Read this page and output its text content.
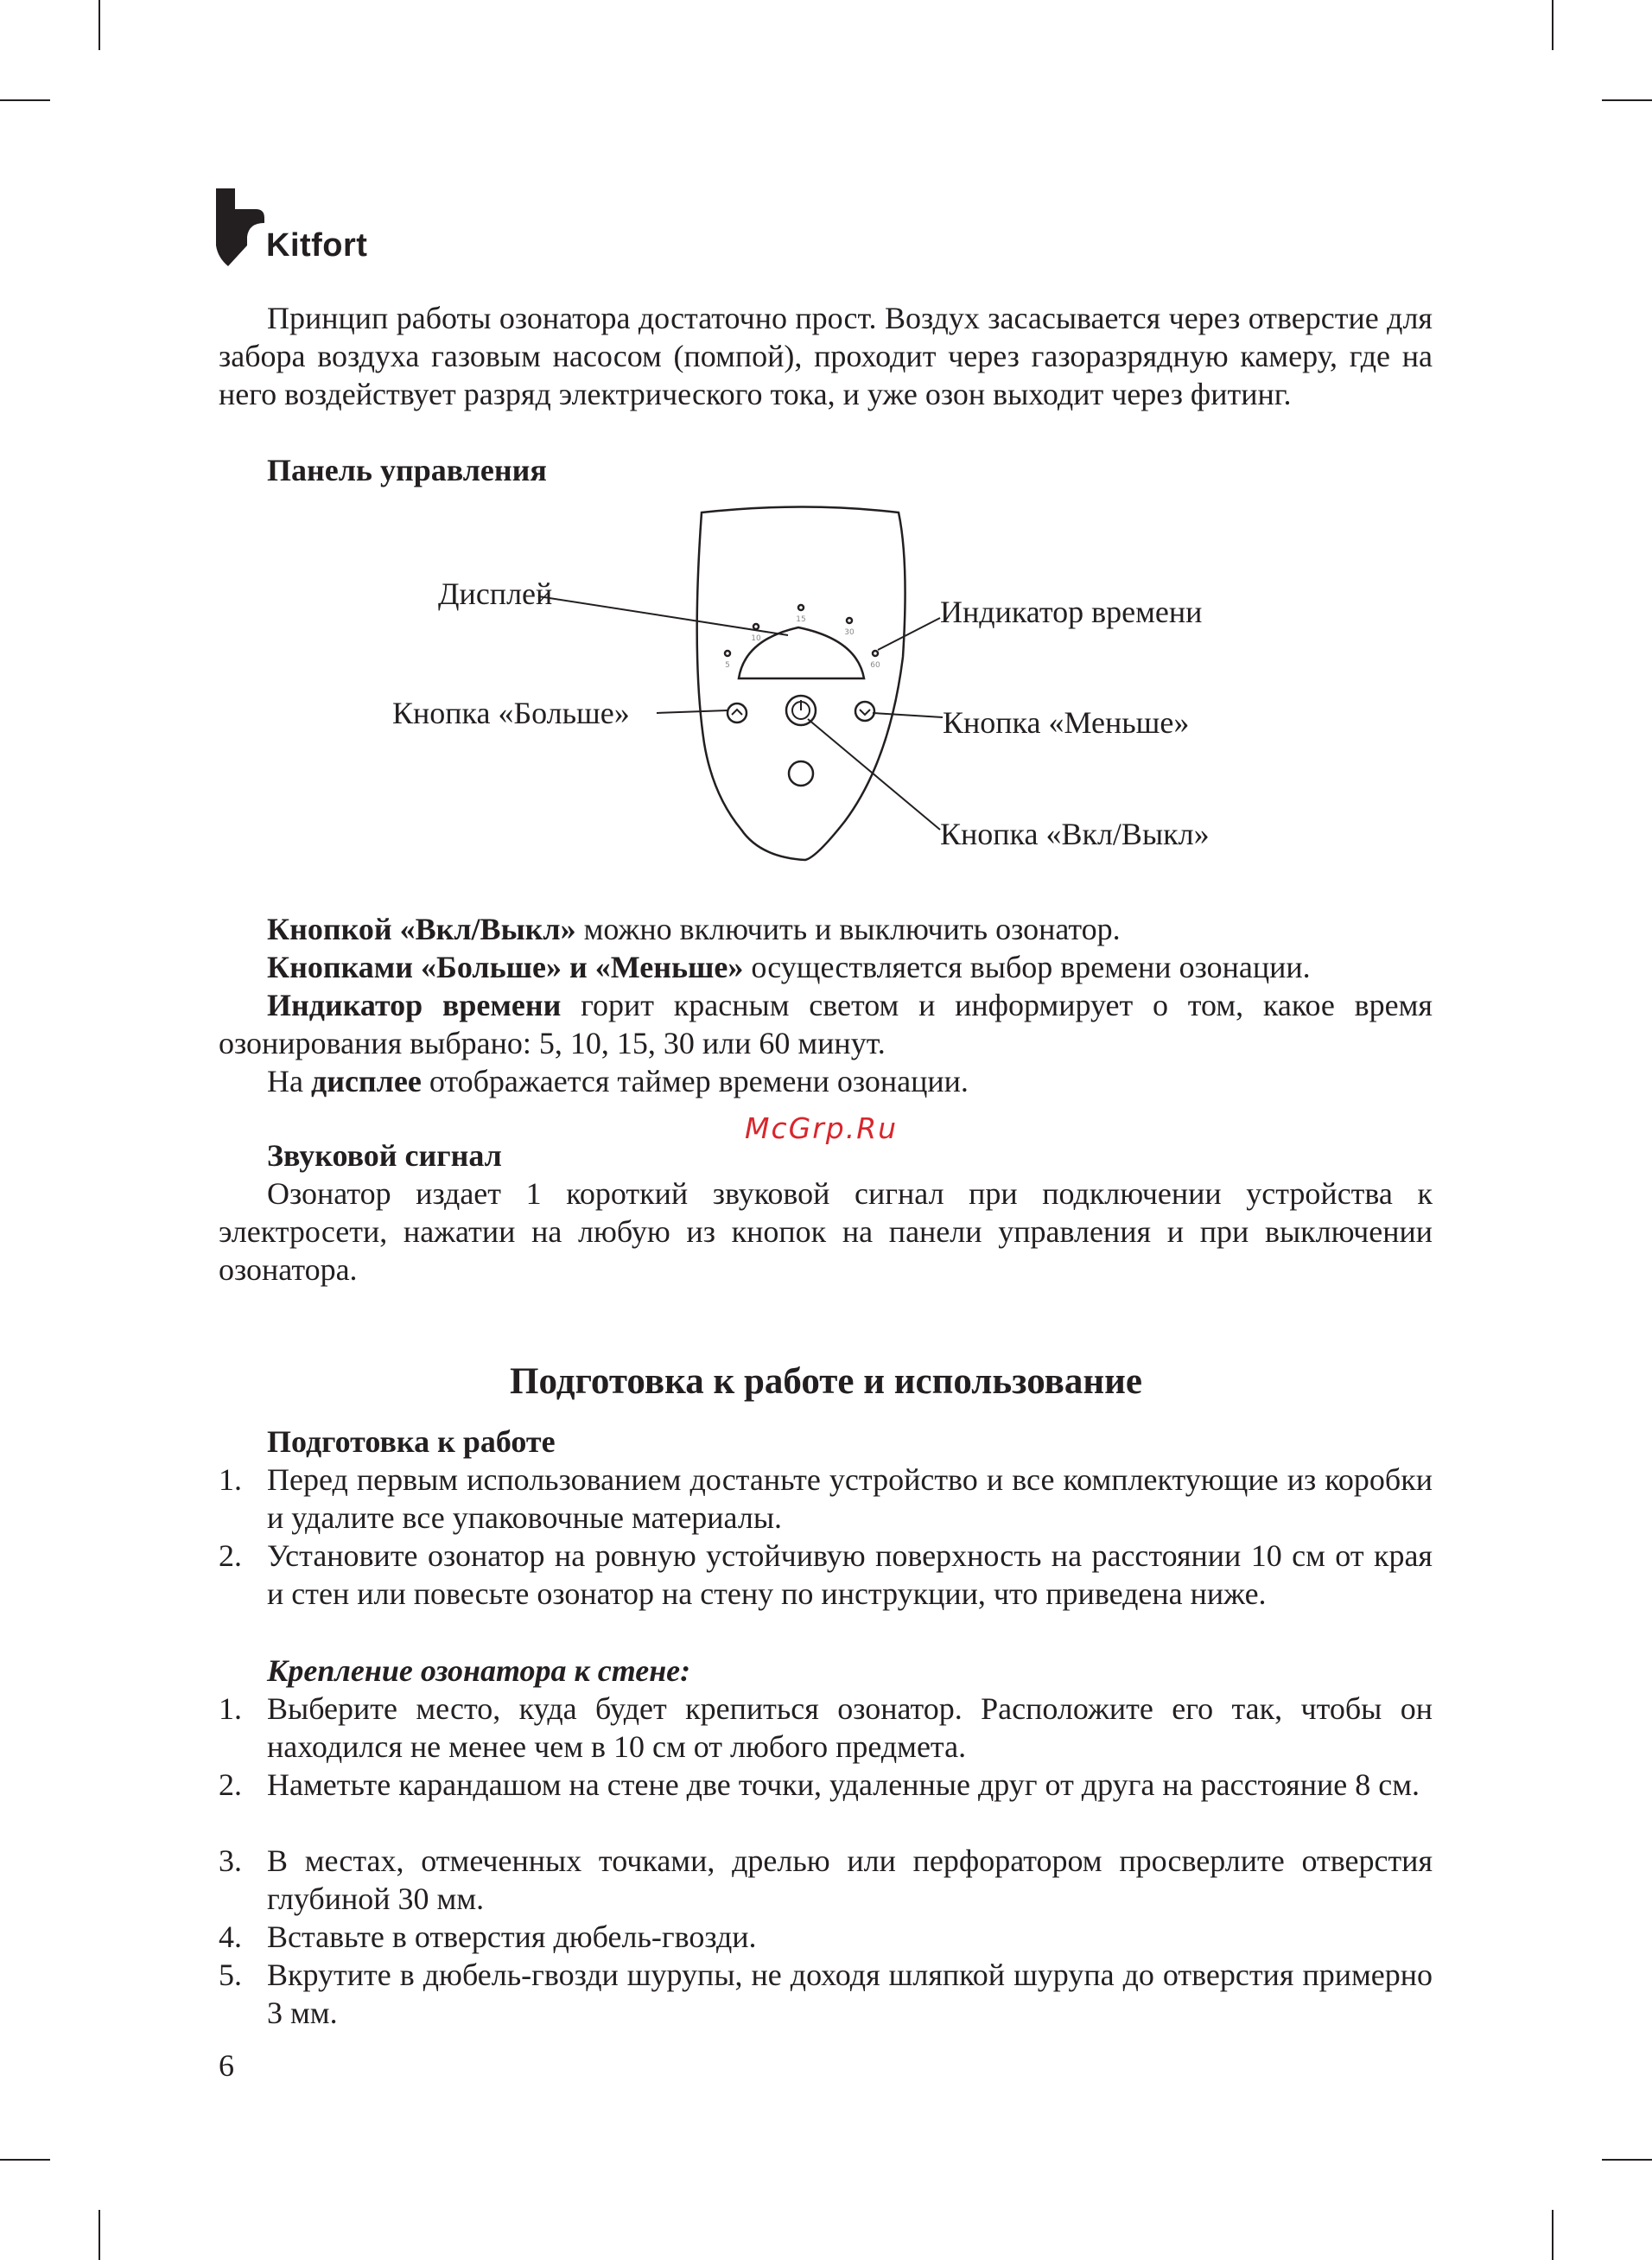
Kitfort

Принцип работы озонатора достаточно прост. Воздух засасывается через отверстие для забора воздуха газовым насосом (помпой), проходит через газоразрядную камеру, где на него воздействует разряд электрического тока, и уже озон выходит через фитинг.

Панель управления
5
10
15
30
60
Дисплей
Индикатор времени
Кнопка «Больше»	Кнопка «Меньше»
Кнопка «Вкл/Выкл»
Кнопкой «Вкл/Выкл» можно включить и выключить озонатор.
Кнопками «Больше» и «Меньше» осуществляется выбор времени озонации.

Индикатор времени горит красным светом и информирует о том, какое время озонирования выбрано: 5, 10, 15, 30 или 60 минут.

На дисплее отображается таймер времени озонации.
McGrp.Ru
Звуковой сигнал

Озонатор издает 1 короткий звуковой сигнал при подключении устройства к электросети, нажатии на любую из кнопок на панели управления и при выключении озонатора.

Подготовка к работе и использование
Подготовка к работе
1. Перед первым использованием достаньте устройство и все комплектующие из коробки и удалите все упаковочные материалы.
2. Установите озонатор на ровную устойчивую поверхность на расстоянии 10 см от края и стен или повесьте озонатор на стену по инструкции, что приведена ниже.
Крепление озонатора к стене:
1. Выберите место, куда будет крепиться озонатор. Расположите его так, чтобы он находился не менее чем в 10 см от любого предмета.
2. Наметьте карандашом на стене две точки, удаленные друг от друга на расстояние 8 см.
3. В местах, отмеченных точками, дрелью или перфоратором просверлите отверстия глубиной 30 мм.
4. Вставьте в отверстия дюбель-гвозди.
5. Вкрутите в дюбель-гвозди шурупы, не доходя шляпкой шурупа до отверстия примерно 3 мм.
6
